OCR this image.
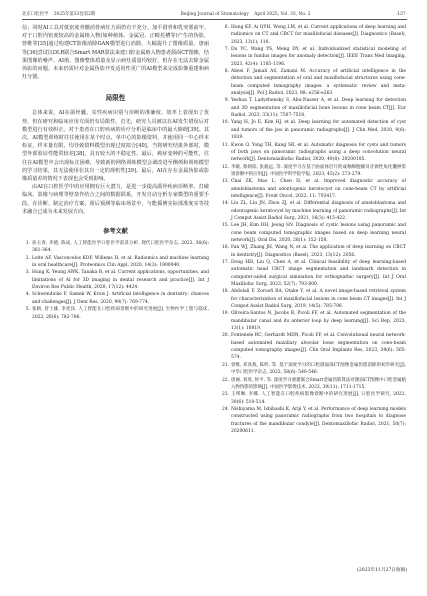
北京口腔医学 2025年第33卷第2期	Beijing Journal of Stomatology April 2025, Vol. 33, No. 2	·137·

信；同时AI工具对低密度骨髓消骨病灶方面仍有不充分、加平借骨和乳突雾前牢。对于口腔内密度较高的金属植入物(如种植体、金属冠、正畸托槽等)产生的伪影，曾维等[35]通过构建CT影像消除GAN模型进行消除，大幅提升了图像质量。唐丽等[36]尝试以DLR联合Smart MAR算法来建口腔金属植入物患者颌面CT图像，结果图像的噪声、AI值、图像整体质量及显示病灶质量均较好，但存在无法去除金属伪影的问题。未来仍需针对金属伪影开发适用性更广的AI模型来完成影像重建和病灶分割。

局限性

总体来说，AI在颌骨囊、实性疾病识别与诊断的准确度、效率上表现出了优势，但在研究和临床应用方面仍有局限性。首先，研究人员被以在AI发生错误后对模型进行有效纠正。对于患者在口腔疾病的诊疗分析是临床中的最大障碍[39]。其次，AI模型训练时往往使用在某个时点、单中心的影像资料，并使用同一中心样本检证，样本量有限，均导致资料模型出现过度拟合[40]。当将研究结果外部时，模型外部验证性能常较差[38]，具有较大的不稳定性。最后，癌症变种的可能性，往往在AI模型中会出现标注困难，导致新的网络训练模型会调改进至侧颅和训练模型的学习结果，其无法使用在其有一定的现机性[39]。最后，AI在存在金属伪影或影像质量差的情况下表现也会受到影响。

由AI在口腔医学中的应用拥有巨大潜力，是进一步提高颌骨疾病诊断率、打破临床、影像与病理等壁垒作结合之间的数据联系，开发自动分析专家模型的重要手段。在诊断、制定治疗方案、预后预测等临床场景中，与能援例实际部准度实等技术融合已成为未来发展方向。

参考文献
1. 孙玉春, 李德, 陈成, 人工智能医学口腔医学前景分析, 现代口腔医学杂志, 2022, 36(6): 361-364.
2. Leite AF, Vasconcelos KDF, Willems H, et al. Radiomics and machine learning in oral healthcare[J]. Proteomics Clin Appl, 2020, 14(3): 1900040.
3. Hung K, Yeung AWK, Tanaka R, et al. Current applications, opportunities, and limitations of AI for 3D imaging in dental research and practice[J]. Int J Environ Res Public Health, 2020, 17(12): 4424.
4. Schwendicke F, Samek W, Krois J. Artificial intelligence in dentistry: chances and challenges[J]. J Dent Res, 2020, 99(7): 769-774.
5. 张朝, 曾士雄, 李宪泽. 人工智能在口腔疾病诊断中的研究进展[J]. 生物医学工程与临床, 2022, 26(6): 782-786.
6. Hung KF, Ai QYH, Wong LM, et al. Current applications of deep learning and radiomics on CT and CBCT for maxillofacial diseases[J]. Diagnostics (Basel), 2023, 13(1): 110.
7. Du YC, Wang YS, Meng DY, et al. Individualized statistical modeling of lesions in fundus images for anomaly detection[J]. IEEE Trans Med Imaging, 2023, 42(4): 1185-1196.
8. Abesi F, Jamali AS, Zamani M. Accuracy of artificial intelligence in the detection and segmentation of oral and maxillofacial structures using cone-beam computed tomography images: a systematic review and meta-analysis[J]. Pol J Radiol, 2023, 88: e256-e263.
9. Yeshua T, Ladyzhensky S, Abu-Nasser A, et al. Deep learning for detection and 3D segmentation of maxillofacial bone lesions in cone beam CT[J]. Eur Radiol, 2023, 33(11): 7507-7518.
10. Yang H, Jo E, Kim HJ, et al. Deep learning for automated detection of cyst and tumors of the jaw in panoramic radiographs[J]. J Clin Med, 2020, 9(6): 1839.
11. Kwon O, Yong TH, Kang SR, et al. Automatic diagnosis for cysts and tumors of both jaws on panoramic radiographs using a deep convolution neural network[J]. Dentomaxillofac Radiol, 2020, 49(8): 20200185.
12. 李敏, 蔡炳阳, 张骏远, 等. 深度学习在基于曲面体层片的成釉细胞瘤及牙源性角化囊肿鉴别诊断中的应用[J]. 中国医学科学院学报, 2023, 45(2): 273-279.
13. Chai ZK, Mao L, Chen H, et al. Improved diagnostic accuracy of ameloblastoma and odontogenic keratocyst on cone-beam CT by artificial intelligence[J]. Front Oncol, 2022, 11: 793417.
14. Liu ZL, Liu JN, Zhou ZJ, et al. Differential diagnosis of ameloblastoma and odontogenic keratocyst by machine learning of panoramic radiographs[J]. Int J Comput Assist Radiol Surg, 2021, 16(3): 415-422.
15. Lee JH, Kim DH, Jeong SN. Diagnosis of cystic lesions using panoramic and cone beam computed tomographic images based on deep learning neural network[J]. Oral Dis, 2020, 26(1): 152-158.
16. Fan WJ, Zhang JH, Wang N, et al. The application of deep learning on CBCT in dentistry[J]. Diagnostics (Basel), 2023, 13(12): 2056.
17. Dong HH, Liu Q, Chen A, et al. Clinical feasibility of deep learning-based automatic head CBCT image segmentation and landmark detection in computer-aided surgical simulation for orthognathic surgery[J]. Int J Oral Maxillofac Surg, 2023, 52(7): 793-800.
18. Abdolali F, Zoroofi RA, Otake Y, et al. A novel image-based retrieval system for characterization of maxillofacial lesions in cone beam CT images[J]. Int J Comput Assist Radiol Surg, 2019, 14(5): 785-796.
19. Oliveira-Santos N, Jacobs R, Picoli FF, et al. Automated segmentation of the mandibular canal and its anterior loop by deep learning[J]. Sci Rep, 2023, 13(1): 10819.
20. Fontenele RC, Gerhardt MDN, Picoli FF, et al. Convolutional neural network-based automated maxillary alveolar bone segmentation on cone-beam computed tomography images[J]. Clin Oral Implants Res, 2023, 34(6): 565-574.
21. 曾维, 邓真燕, 陈昕, 等. 基于深度学习的口腔颌面部CT图像金属伪影消除的初步研究[J]. 中华口腔医学杂志, 2023, 58(6): 540-546.
22. 唐丽, 刘瑶, 侯平, 等. 深度学习重建联合Smart金属伪影算法对颌面CT图像中口腔金属植入物伪影的影响[J]. 中国医学影像技术, 2023, 39(11): 1711-1715.
23. 王瑛琳, 李娜. 人工智能在口腔疾病影像诊断中的研究进展[J]. 口腔医学研究, 2022, 38(6): 510-514.
24. Nishiyama M, Ishibashi K, Ariji Y, et al. Performance of deep learning models constructed using panoramic radiographs from two hospitals to diagnose fractures of the mandibular condyle[J]. Dentomaxillofac Radiol, 2021, 50(7): 20200611.
(2023年11月27日收稿)
